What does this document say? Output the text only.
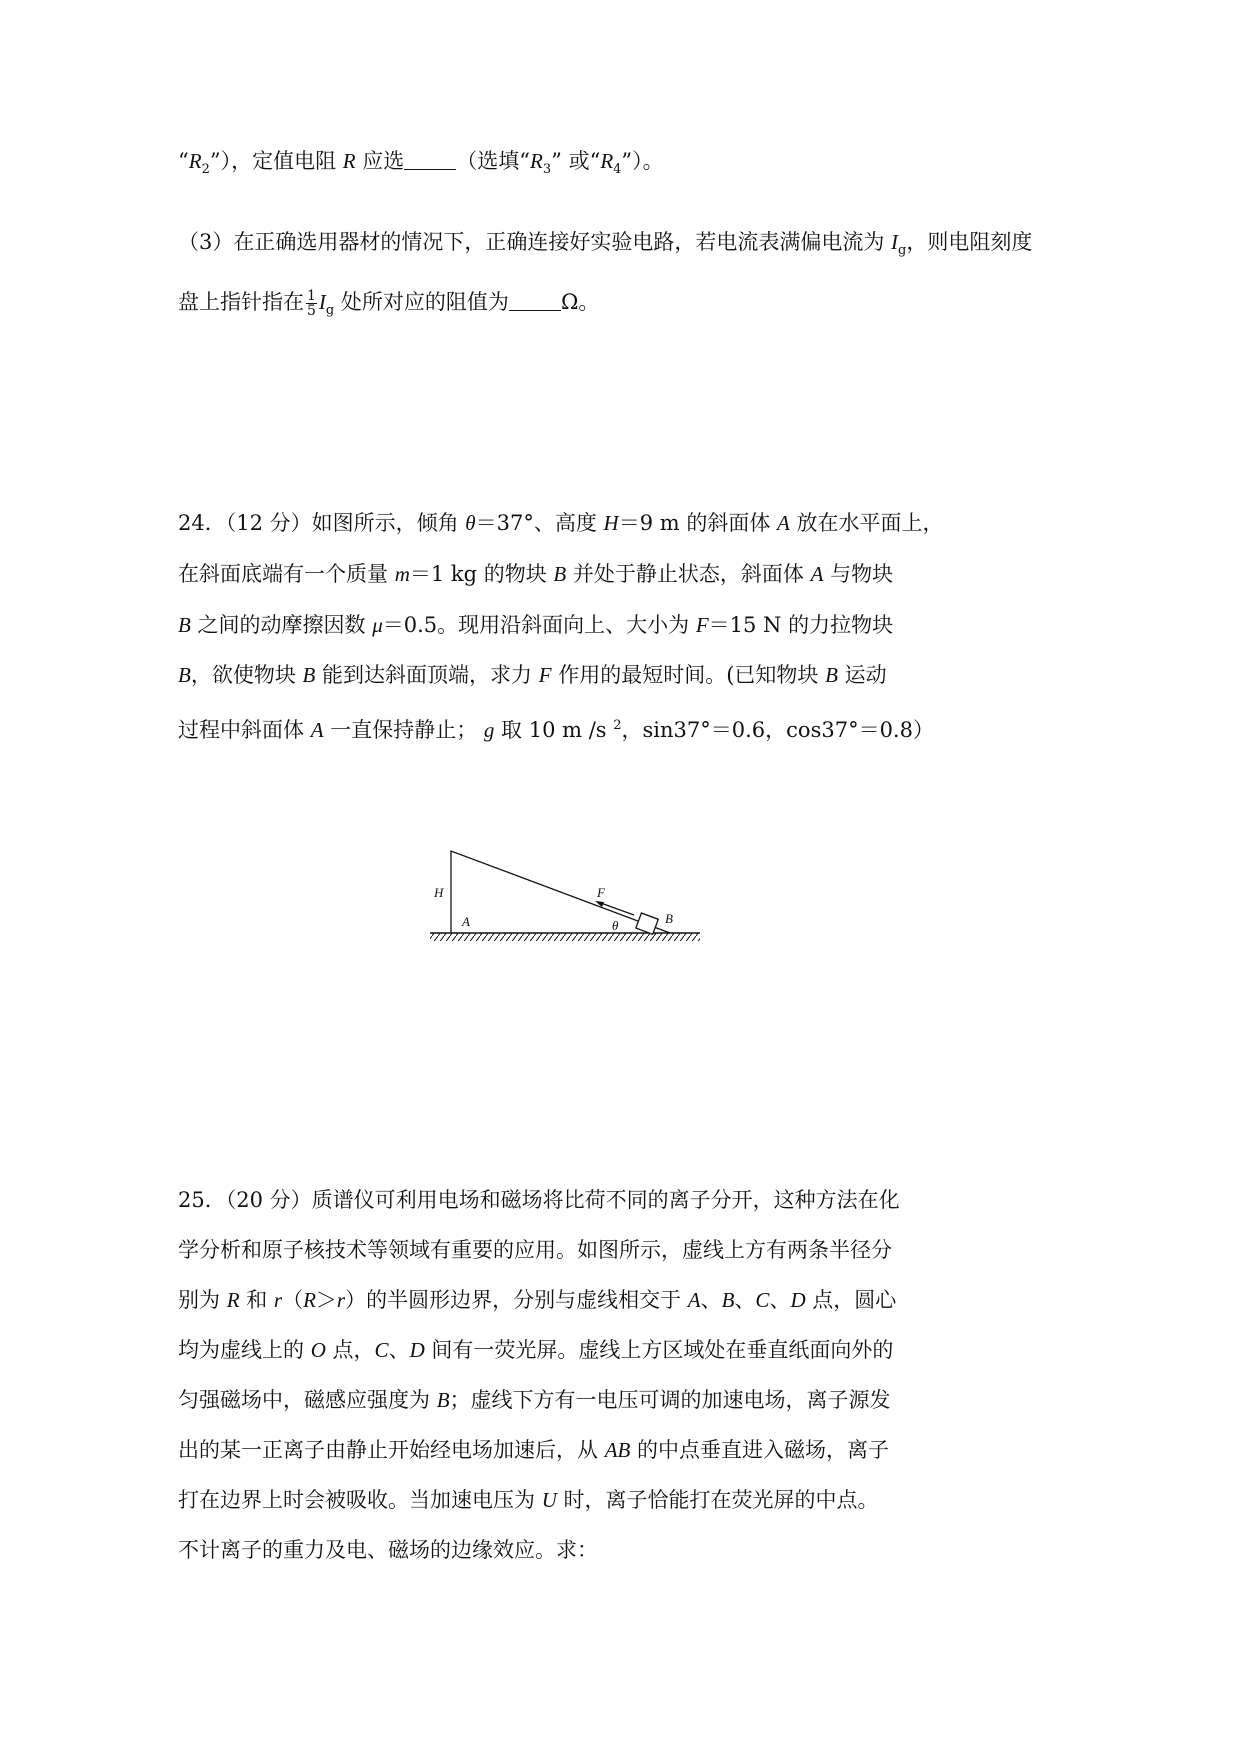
“$R_2$”），定值电阻 R 应选 （选填“$R_3$” 或“$R_4$”）。
（3）在正确选用器材的情况下，正确连接好实验电路，若电流表满偏电流为 $I_g$，则电阻刻度
盘上指针指在 $\frac{1}{5} I_g$ 处所对应的阻值为 Ω。
24．（12 分）如图所示，倾角 θ＝37°、高度 H＝9 m 的斜面体 A 放在水平面上，
在斜面底端有一个质量 m＝1 kg 的物块 B 并处于静止状态，斜面体 A 与物块
B 之间的动摩擦因数 μ＝0.5。现用沿斜面向上、大小为 F＝15 N 的力拉物块
B，欲使物块 B 能到达斜面顶端，求力 F 作用的最短时间。(已知物块 B 运动
过程中斜面体 A 一直保持静止； g 取 10 m /s $^2$，sin37°＝0.6，cos37°＝0.8）
H
A
F
θ	B
25．（20 分）质谱仪可利用电场和磁场将比荷不同的离子分开，这种方法在化
学分析和原子核技术等领域有重要的应用。如图所示，虚线上方有两条半径分
别为 R 和 r（R＞r）的半圆形边界，分别与虚线相交于 A、B、C、D 点，圆心
均为虚线上的 O 点，C、D 间有一荧光屏。虚线上方区域处在垂直纸面向外的
匀强磁场中，磁感应强度为 B；虚线下方有一电压可调的加速电场，离子源发
出的某一正离子由静止开始经电场加速后，从 AB 的中点垂直进入磁场，离子
打在边界上时会被吸收。当加速电压为 U 时，离子恰能打在荧光屏的中点。
不计离子的重力及电、磁场的边缘效应。求：
